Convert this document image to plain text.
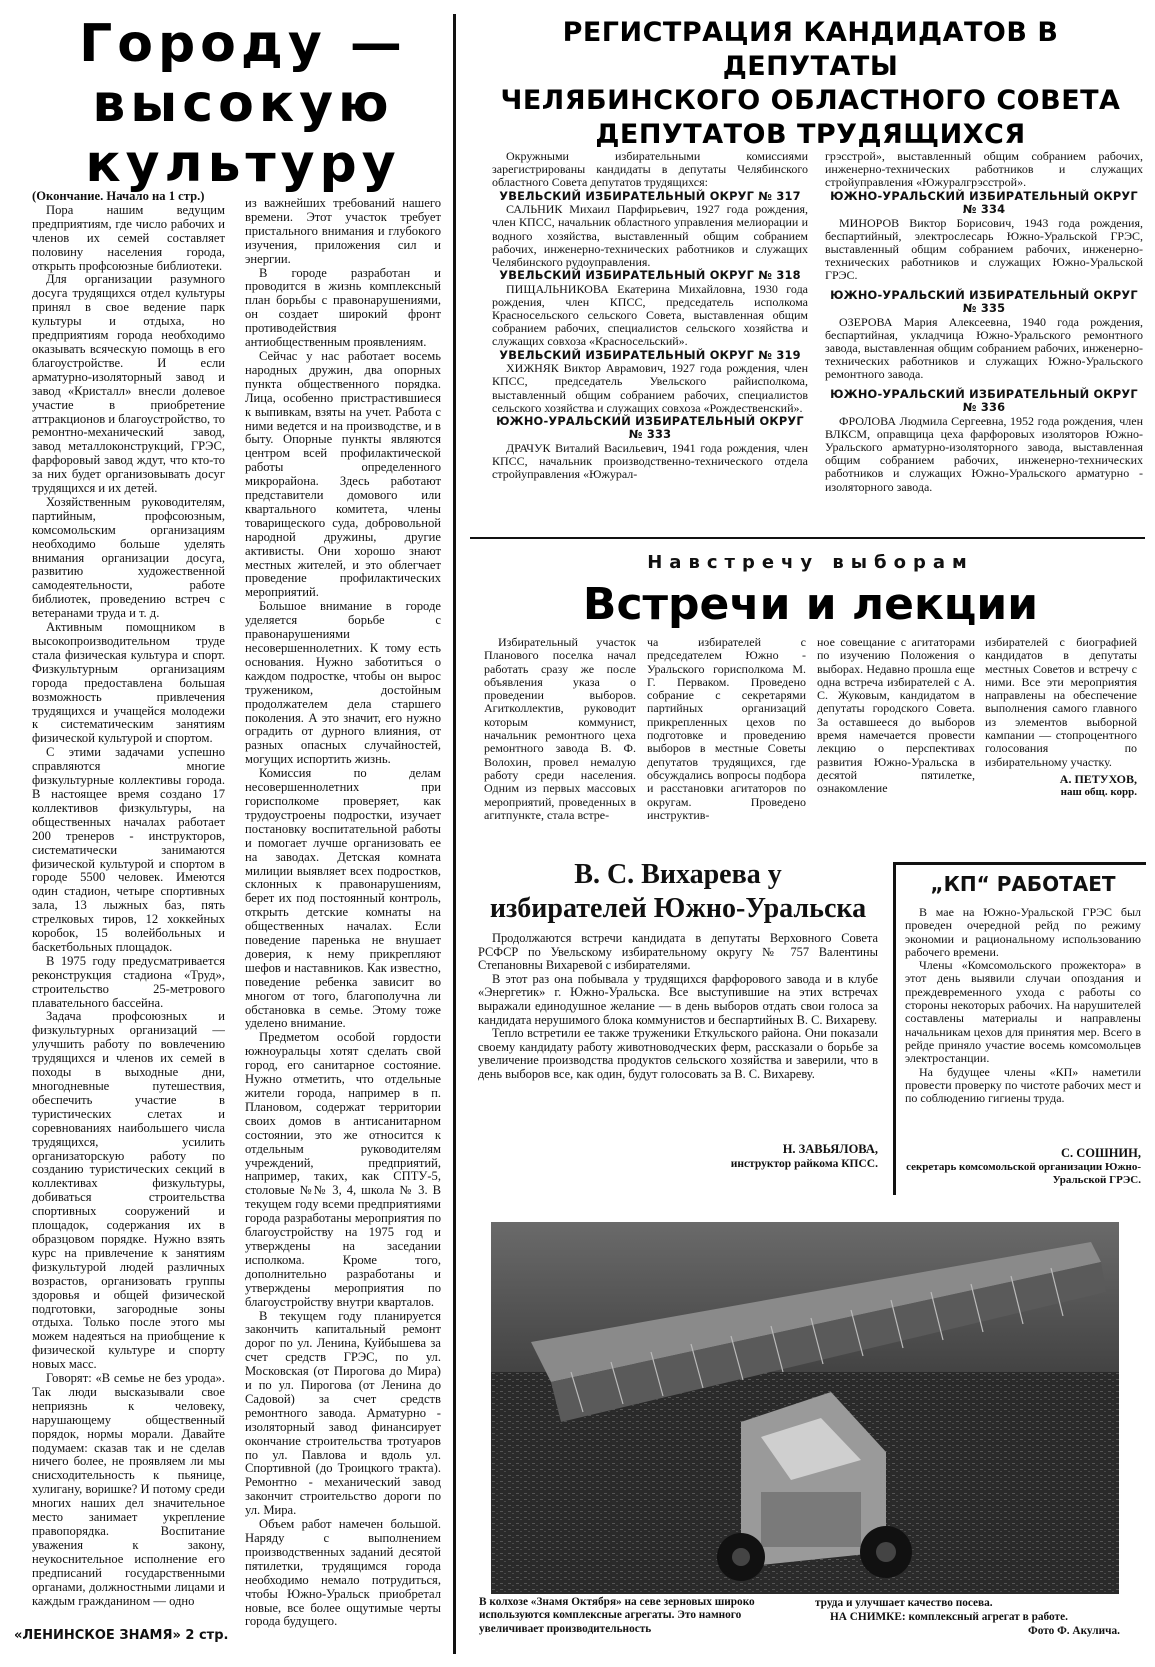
Городу —
высокую
культуру

(Окончание. Начало на 1 стр.)

Пора нашим ведущим предприятиям, где число рабочих и членов их семей составляет половину населения города, открыть профсоюзные библиотеки.

Для организации разумного досуга трудящихся отдел культуры принял в свое ведение парк культуры и отдыха, но предприятиям города необходимо оказывать всяческую помощь в его благоустройстве. И если арматурно-изоляторный завод и завод «Кристалл» внесли долевое участие в приобретение аттракционов и благоустройство, то ремонтно-механический завод, завод металлоконструкций, ГРЭС, фарфоровый завод ждут, что кто-то за них будет организовывать досуг трудящихся и их детей.

Хозяйственным руководителям, партийным, профсоюзным, комсомольским организациям необходимо больше уделять внимания организации досуга, развитию художественной самодеятельности, работе библиотек, проведению встреч с ветеранами труда и т. д.

Активным помощником в высокопроизводительном труде стала физическая культура и спорт. Физкультурным организациям города предоставлена большая возможность привлечения трудящихся и учащейся молодежи к систематическим занятиям физической культурой и спортом.

С этими задачами успешно справляются многие физкультурные коллективы города. В настоящее время создано 17 коллективов физкультуры, на общественных началах работает 200 тренеров - инструкторов, систематически занимаются физической культурой и спортом в городе 5500 человек. Имеются один стадион, четыре спортивных зала, 13 лыжных баз, пять стрелковых тиров, 12 хоккейных коробок, 15 волейбольных и баскетбольных площадок.

В 1975 году предусматривается реконструкция стадиона «Труд», строительство 25-метрового плавательного бассейна.

Задача профсоюзных и физкультурных организаций — улучшить работу по вовлечению трудящихся и членов их семей в походы в выходные дни, многодневные путешествия, обеспечить участие в туристических слетах и соревнованиях наибольшего числа трудящихся, усилить организаторскую работу по созданию туристических секций в коллективах физкультуры, добиваться строительства спортивных сооружений и площадок, содержания их в образцовом порядке. Нужно взять курс на привлечение к занятиям физкультурой людей различных возрастов, организовать группы здоровья и общей физической подготовки, загородные зоны отдыха. Только после этого мы можем надеяться на приобщение к физической культуре и спорту новых масс.

Говорят: «В семье не без урода». Так люди высказывали свое неприязнь к человеку, нарушающему общественный порядок, нормы морали. Давайте подумаем: сказав так и не сделав ничего более, не проявляем ли мы снисходительность к пьянице, хулигану, воришке? И потому среди многих наших дел значительное место занимает укрепление правопорядка. Воспитание уважения к закону, неукоснительное исполнение его предписаний государственными органами, должностными лицами и каждым гражданином — одно

из важнейших требований нашего времени. Этот участок требует пристального внимания и глубокого изучения, приложения сил и энергии.

В городе разработан и проводится в жизнь комплексный план борьбы с правонарушениями, он создает широкий фронт противодействия антиобщественным проявлениям.

Сейчас у нас работает восемь народных дружин, два опорных пункта общественного порядка. Лица, особенно пристрастившиеся к выпивкам, взяты на учет. Работа с ними ведется и на производстве, и в быту. Опорные пункты являются центром всей профилактической работы определенного микрорайона. Здесь работают представители домового или квартального комитета, члены товарищеского суда, добровольной народной дружины, другие активисты. Они хорошо знают местных жителей, и это облегчает проведение профилактических мероприятий.

Большое внимание в городе уделяется борьбе с правонарушениями несовершеннолетних. К тому есть основания. Нужно заботиться о каждом подростке, чтобы он вырос тружеником, достойным продолжателем дела старшего поколения. А это значит, его нужно оградить от дурного влияния, от разных опасных случайностей, могущих испортить жизнь.

Комиссия по делам несовершеннолетних при горисполкоме проверяет, как трудоустроены подростки, изучает постановку воспитательной работы и помогает лучше организовать ее на заводах. Детская комната милиции выявляет всех подростков, склонных к правонарушениям, берет их под постоянный контроль, открыть детские комнаты на общественных началах. Если поведение паренька не внушает доверия, к нему прикрепляют шефов и наставников. Как известно, поведение ребенка зависит во многом от того, благополучна ли обстановка в семье. Этому тоже уделено внимание.

Предметом особой гордости южноуральцы хотят сделать свой город, его санитарное состояние. Нужно отметить, что отдельные жители города, например в п. Плановом, содержат территории своих домов в антисанитарном состоянии, это же относится к отдельным руководителям учреждений, предприятий, например, таких, как СПТУ-5, столовые №№ 3, 4, школа № 3. В текущем году всеми предприятиями города разработаны мероприятия по благоустройству на 1975 год и утверждены на заседании исполкома. Кроме того, дополнительно разработаны и утверждены мероприятия по благоустройству внутри кварталов.

В текущем году планируется закончить капитальный ремонт дорог по ул. Ленина, Куйбышева за счет средств ГРЭС, по ул. Московская (от Пирогова до Мира) и по ул. Пирогова (от Ленина до Садовой) за счет средств ремонтного завода. Арматурно - изоляторный завод финансирует окончание строительства тротуаров по ул. Павлова и вдоль ул. Спортивной (до Троицкого тракта). Ремонтно - механический завод закончит строительство дороги по ул. Мира.

Объем работ намечен большой. Наряду с выполнением производственных заданий десятой пятилетки, трудящимся города необходимо немало потрудиться, чтобы Южно-Уральск приобретал новые, все более ощутимые черты города будущего.

РЕГИСТРАЦИЯ КАНДИДАТОВ В ДЕПУТАТЫ
ЧЕЛЯБИНСКОГО ОБЛАСТНОГО СОВЕТА
ДЕПУТАТОВ ТРУДЯЩИХСЯ

Окружными избирательными комиссиями зарегистрированы кандидаты в депутаты Челябинского областного Совета депутатов трудящихся:

УВЕЛЬСКИЙ ИЗБИРАТЕЛЬНЫЙ ОКРУГ № 317

САЛЬНИК Михаил Парфирьевич, 1927 года рождения, член КПСС, начальник областного управления мелиорации и водного хозяйства, выставленный общим собранием рабочих, инженерно-технических работников и служащих Челябинского рудоуправления.

УВЕЛЬСКИЙ ИЗБИРАТЕЛЬНЫЙ ОКРУГ № 318

ПИЩАЛЬНИКОВА Екатерина Михайловна, 1930 года рождения, член КПСС, председатель исполкома Красносельского сельского Совета, выставленная общим собранием рабочих, специалистов сельского хозяйства и служащих совхоза «Красносельский».

УВЕЛЬСКИЙ ИЗБИРАТЕЛЬНЫЙ ОКРУГ № 319

ХИЖНЯК Виктор Аврамович, 1927 года рождения, член КПСС, председатель Увельского райисполкома, выставленный общим собранием рабочих, специалистов сельского хозяйства и служащих совхоза «Рождественский».

ЮЖНО-УРАЛЬСКИЙ ИЗБИРАТЕЛЬНЫЙ ОКРУГ № 333

ДРАЧУК Виталий Васильевич, 1941 года рождения, член КПСС, начальник производственно-технического отдела стройуправления «Южурал-

грэсстрой», выставленный общим собранием рабочих, инженерно-технических работников и служащих стройуправления «Южуралгрэсстрой».

ЮЖНО-УРАЛЬСКИЙ ИЗБИРАТЕЛЬНЫЙ ОКРУГ № 334

МИНОРОВ Виктор Борисович, 1943 года рождения, беспартийный, электрослесарь Южно-Уральской ГРЭС, выставленный общим собранием рабочих, инженерно-технических работников и служащих Южно-Уральской ГРЭС.

ЮЖНО-УРАЛЬСКИЙ ИЗБИРАТЕЛЬНЫЙ ОКРУГ № 335

ОЗЕРОВА Мария Алексеевна, 1940 года рождения, беспартийная, укладчица Южно-Уральского ремонтного завода, выставленная общим собранием рабочих, инженерно-технических работников и служащих Южно-Уральского ремонтного завода.

ЮЖНО-УРАЛЬСКИЙ ИЗБИРАТЕЛЬНЫЙ ОКРУГ № 336

ФРОЛОВА Людмила Сергеевна, 1952 года рождения, член ВЛКСМ, оправщица цеха фарфоровых изоляторов Южно-Уральского арматурно-изоляторного завода, выставленная общим собранием рабочих, инженерно-технических работников и служащих Южно-Уральского арматурно - изоляторного завода.

Навстречу выборам
Встречи и лекции

Избирательный участок Планового поселка начал работать сразу же после объявления указа о проведении выборов. Агитколлектив, руководит которым коммунист, начальник ремонтного цеха ремонтного завода В. Ф. Волохин, провел немалую работу среди населения. Одним из первых массовых мероприятий, проведенных в агитпункте, стала встре-

ча избирателей с председателем Южно - Уральского горисполкома М. Г. Перваком. Проведено собрание с секретарями партийных организаций прикрепленных цехов по подготовке и проведению выборов в местные Советы депутатов трудящихся, где обсуждались вопросы подбора и расстановки агитаторов по округам. Проведено инструктив-

ное совещание с агитаторами по изучению Положения о выборах. Недавно прошла еще одна встреча избирателей с А. С. Жуковым, кандидатом в депутаты городского Совета. За оставшееся до выборов время намечается провести лекцию о перспективах развития Южно-Уральска в десятой пятилетке, ознакомление

избирателей с биографией кандидатов в депутаты местных Советов и встречу с ними. Все эти мероприятия направлены на обеспечение выполнения самого главного из элементов выборной кампании — стопроцентного голосования по избирательному участку.

А. ПЕТУХОВ,

наш общ. корр.

В. С. Вихарева у
избирателей Южно-Уральска

Продолжаются встречи кандидата в депутаты Верховного Совета РСФСР по Увельскому избирательному округу № 757 Валентины Степановны Вихаревой с избирателями.

В этот раз она побывала у трудящихся фарфорового завода и в клубе «Энергетик» г. Южно-Уральска. Все выступившие на этих встречах выражали единодушное желание — в день выборов отдать свои голоса за кандидата нерушимого блока коммунистов и беспартийных В. С. Вихареву.

Тепло встретили ее также труженики Еткульского района. Они показали своему кандидату работу животноводческих ферм, рассказали о борьбе за увеличение производства продуктов сельского хозяйства и заверили, что в день выборов все, как один, будут голосовать за В. С. Вихареву.

Н. ЗАВЬЯЛОВА,
инструктор райкома КПСС.
„КП“ РАБОТАЕТ

В мае на Южно-Уральской ГРЭС был проведен очередной рейд по режиму экономии и рациональному использованию рабочего времени.

Члены «Комсомольского прожектора» в этот день выявили случаи опоздания и преждевременного ухода с работы со стороны некоторых рабочих. На нарушителей составлены материалы и направлены начальникам цехов для принятия мер. Всего в рейде приняло участие восемь комсомольцев электростанции.

На будущее члены «КП» наметили провести проверку по чистоте рабочих мест и по соблюдению гигиены труда.

С. СОШНИН,
секретарь комсомольской организации Южно-Уральской ГРЭС.
В колхозе «Знамя Октября» на севе зерновых широко используются комплексные агрегаты. Это намного увеличивает производительность
труда и улучшает качество посева.
НА СНИМКЕ: комплексный агрегат в работе.
Фото Ф. Акулича.
«ЛЕНИНСКОЕ ЗНАМЯ» 2 стр.
